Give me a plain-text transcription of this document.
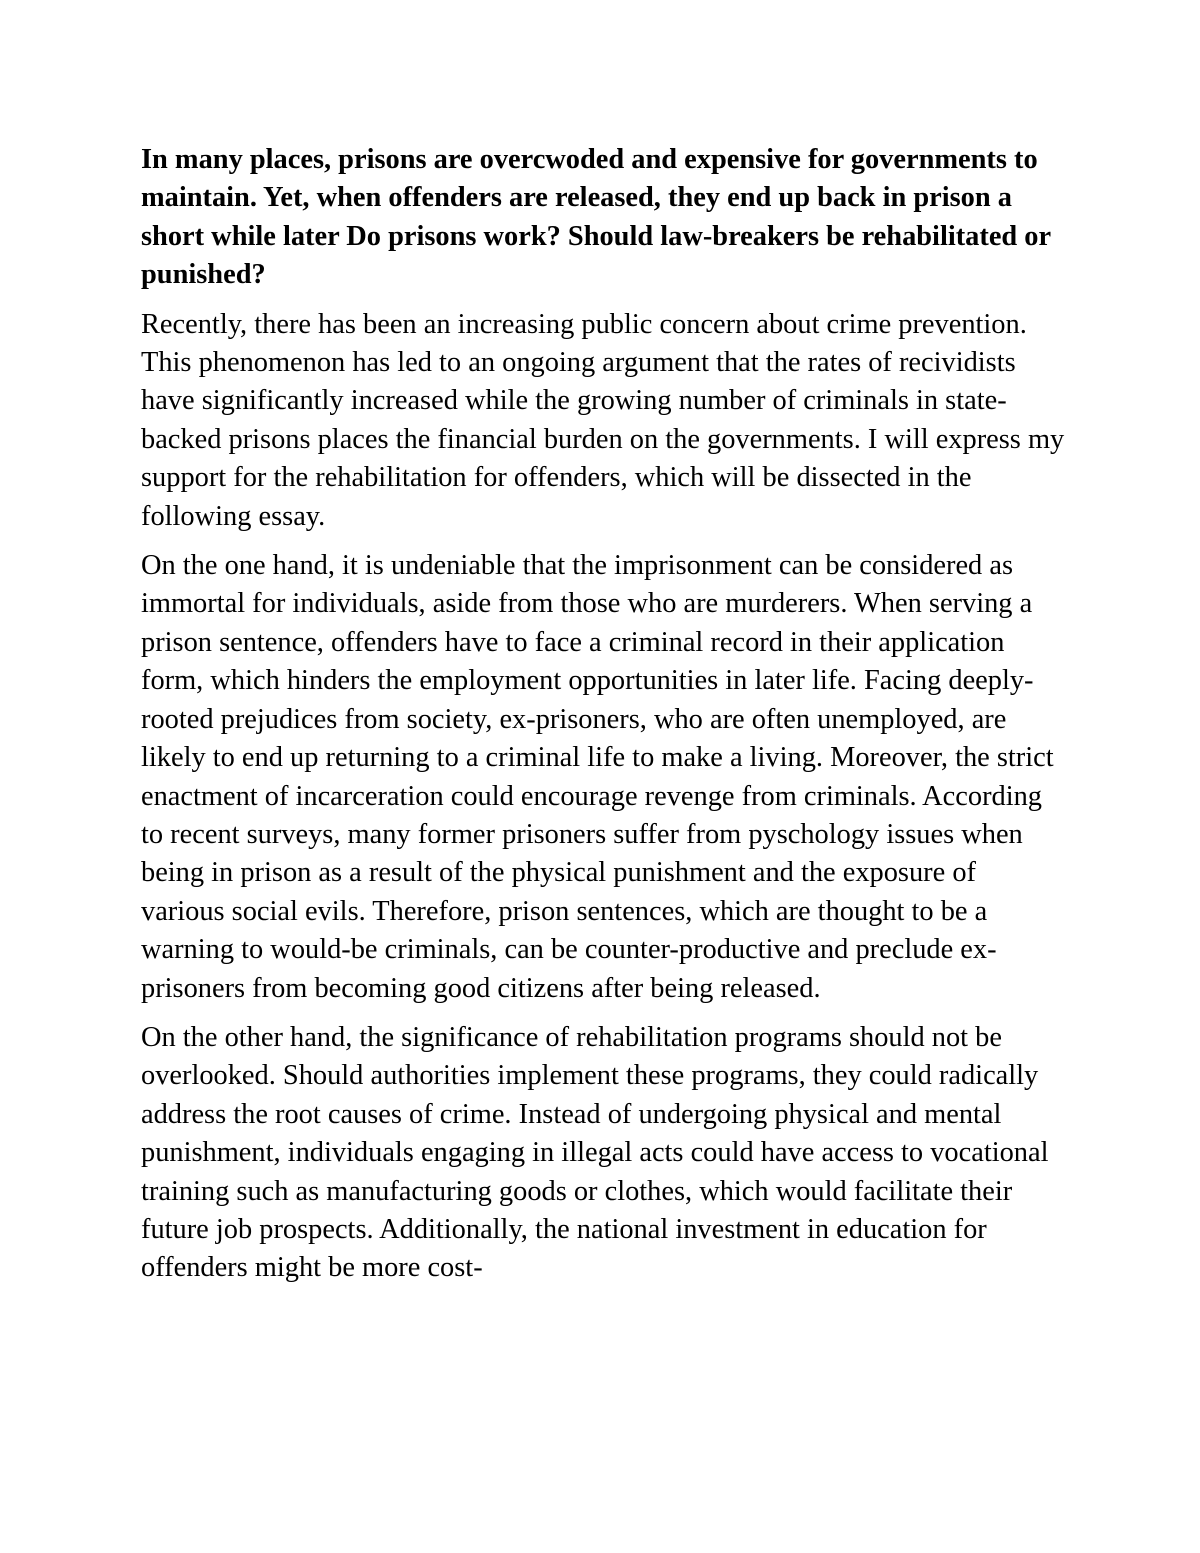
In many places, prisons are overcwoded and expensive for governments to maintain. Yet, when offenders are released, they end up back in prison a short while later Do prisons work? Should law-breakers be rehabilitated or punished?

Recently, there has been an increasing public concern about crime prevention. This phenomenon has led to an ongoing argument that the rates of recividists have significantly increased while the growing number of criminals in state-backed prisons places the financial burden on the governments. I will express my support for the rehabilitation for offenders, which will be dissected in the following essay.

On the one hand, it is undeniable that the imprisonment can be considered as immortal for individuals, aside from those who are murderers. When serving a prison sentence, offenders have to face a criminal record in their application form, which hinders the employment opportunities in later life. Facing deeply-rooted prejudices from society, ex-prisoners, who are often unemployed, are likely to end up returning to a criminal life to make a living. Moreover, the strict enactment of incarceration could encourage revenge from criminals. According to recent surveys, many former prisoners suffer from pyschology issues when being in prison as a result of the physical punishment and the exposure of various social evils. Therefore, prison sentences, which are thought to be a warning to would-be criminals, can be counter-productive and preclude ex-prisoners from becoming good citizens after being released.

On the other hand, the significance of rehabilitation programs should not be overlooked. Should authorities implement these programs, they could radically address the root causes of crime. Instead of undergoing physical and mental punishment, individuals engaging in illegal acts could have access to vocational training such as manufacturing goods or clothes, which would facilitate their future job prospects. Additionally, the national investment in education for offenders might be more cost-
